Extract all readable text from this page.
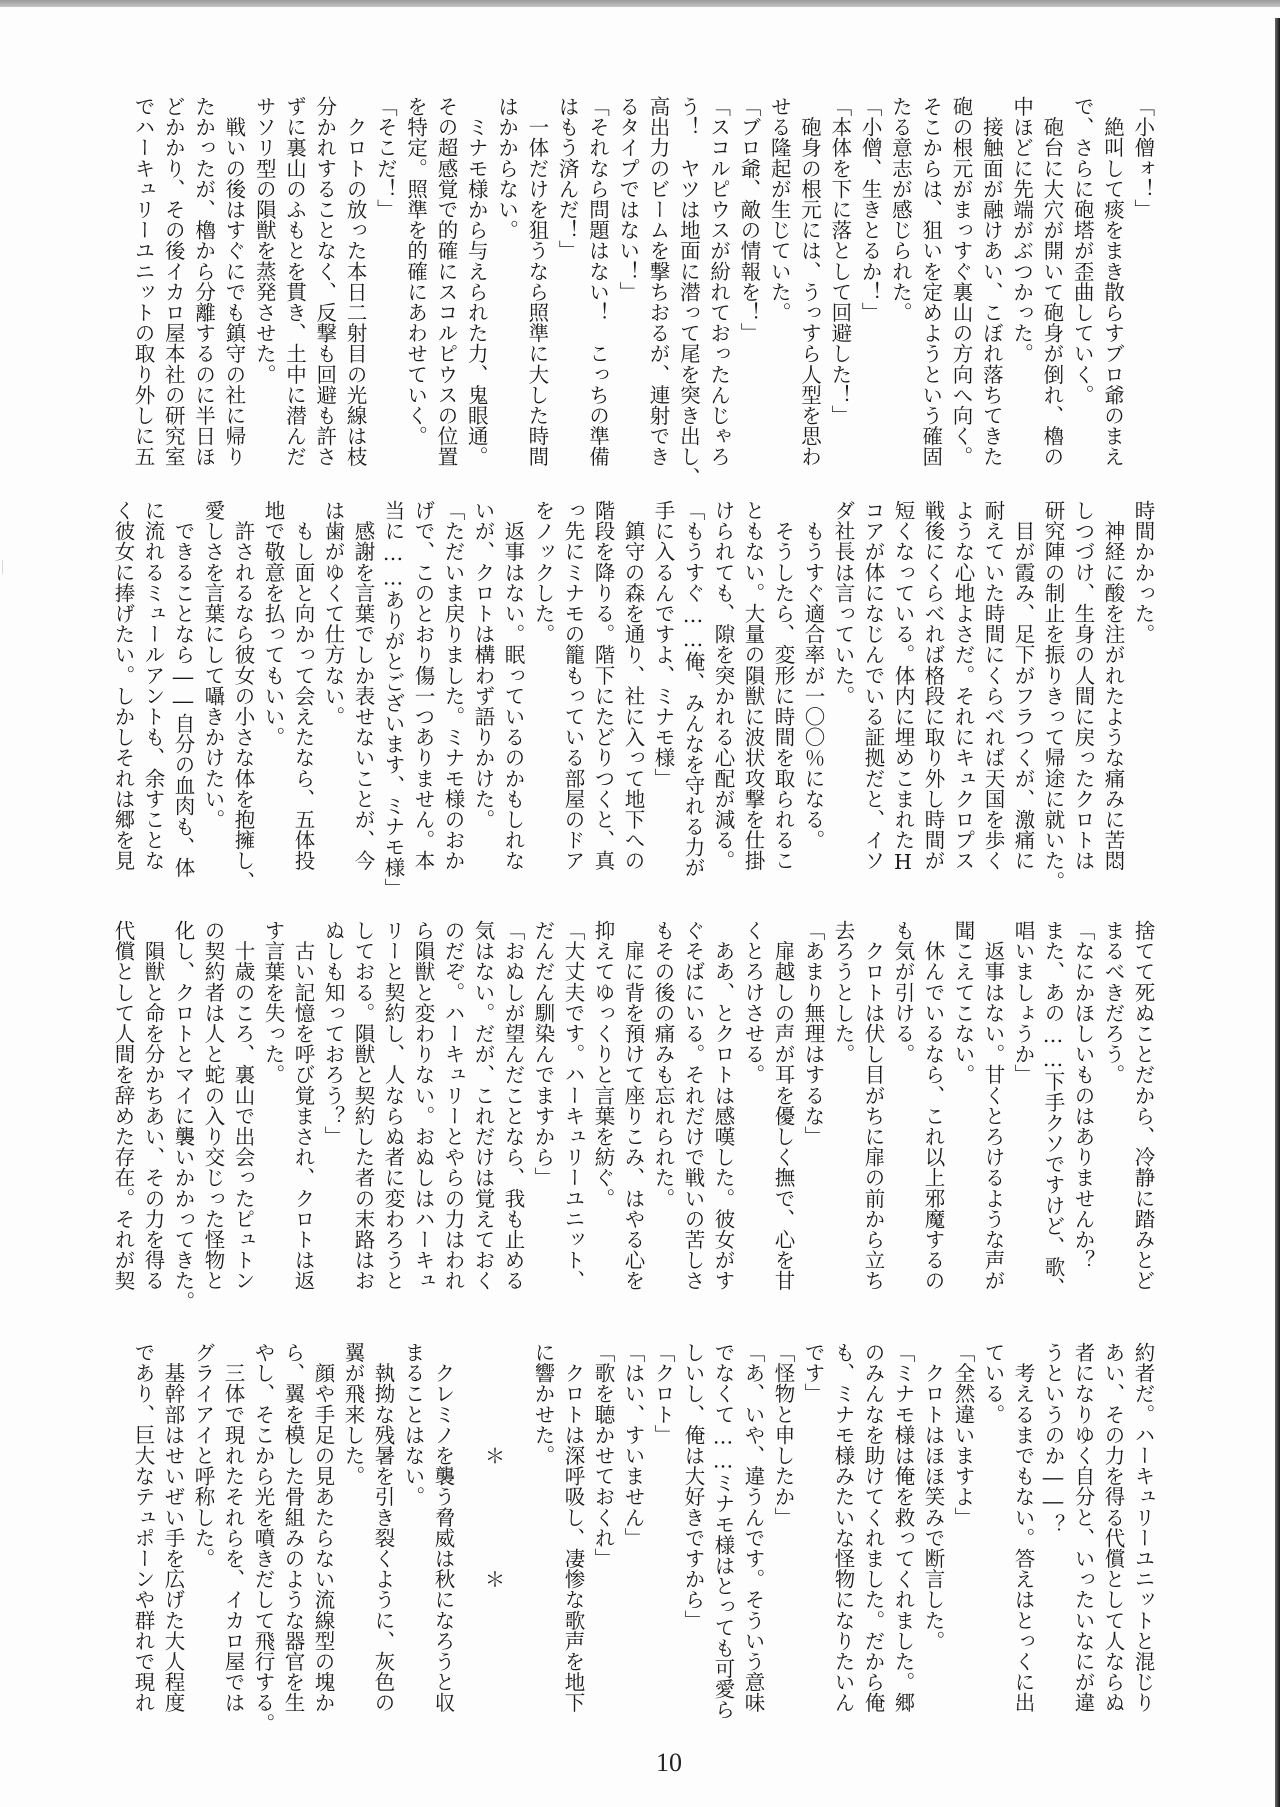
「小僧ォ！」
　絶叫して痰をまき散らすブロ爺のまえ
で、さらに砲塔が歪曲していく。
　砲台に大穴が開いて砲身が倒れ、櫓の
中ほどに先端がぶつかった。
　接触面が融けあい、こぼれ落ちてきた
砲の根元がまっすぐ裏山の方向へ向く。
そこからは、狙いを定めようという確固
たる意志が感じられた。
「小僧、生きとるか！」
「本体を下に落として回避した！」
　砲身の根元には、うっすら人型を思わ
せる隆起が生じていた。
「ブロ爺、敵の情報を！」
「スコルピウスが紛れておったんじゃろ
う！　ヤツは地面に潜って尾を突き出し、
高出力のビームを撃ちおるが、連射でき
るタイプではない！」
「それなら問題はない！　こっちの準備
はもう済んだ！」
　一体だけを狙うなら照準に大した時間
はかからない。
　ミナモ様から与えられた力、鬼眼通。
その超感覚で的確にスコルピウスの位置
を特定。照準を的確にあわせていく。
「そこだ！」
　クロトの放った本日二射目の光線は枝
分かれすることなく、反撃も回避も許さ
ずに裏山のふもとを貫き、土中に潜んだ
サソリ型の隕獣を蒸発させた。
　戦いの後はすぐにでも鎮守の社に帰り
たかったが、櫓から分離するのに半日ほ
どかかり、その後イカロ屋本社の研究室
でハーキュリーユニットの取り外しに五
時間かかった。
　神経に酸を注がれたような痛みに苦悶
しつづけ、生身の人間に戻ったクロトは
研究陣の制止を振りきって帰途に就いた。
　目が霞み、足下がフラつくが、激痛に
耐えていた時間にくらべれば天国を歩く
ような心地よさだ。それにキュクロプス
戦後にくらべれば格段に取り外し時間が
短くなっている。体内に埋めこまれたH
コアが体になじんでいる証拠だと、イソ
ダ社長は言っていた。
　もうすぐ適合率が一〇〇％になる。
　そうしたら、変形に時間を取られるこ
ともない。大量の隕獣に波状攻撃を仕掛
けられても、隙を突かれる心配が減る。
「もうすぐ……俺、みんなを守れる力が
手に入るんですよ、ミナモ様」
　鎮守の森を通り、社に入って地下への
階段を降りる。階下にたどりつくと、真
っ先にミナモの籠もっている部屋のドア
をノックした。
　返事はない。眠っているのかもしれな
いが、クロトは構わず語りかけた。
「ただいま戻りました。ミナモ様のおか
げで、このとおり傷一つありません。本
当に……ありがとございます、ミナモ様」
　感謝を言葉でしか表せないことが、今
は歯がゆくて仕方ない。
　もし面と向かって会えたなら、五体投
地で敬意を払ってもいい。
　許されるなら彼女の小さな体を抱擁し、
愛しさを言葉にして囁きかけたい。
　できることなら――自分の血肉も、体
に流れるミュールアントも、余すことな
く彼女に捧げたい。しかしそれは郷を見
捨てて死ぬことだから、冷静に踏みとど
まるべきだろう。
「なにかほしいものはありませんか？
また、あの……下手クソですけど、歌、
唱いましょうか」
　返事はない。甘くとろけるような声が
聞こえてこない。
　休んでいるなら、これ以上邪魔するの
も気が引ける。
　クロトは伏し目がちに扉の前から立ち
去ろうとした。
「あまり無理はするな」
　扉越しの声が耳を優しく撫で、心を甘
くとろけさせる。
　ああ、とクロトは感嘆した。彼女がす
ぐそばにいる。それだけで戦いの苦しさ
もその後の痛みも忘れられた。
　扉に背を預けて座りこみ、はやる心を
抑えてゆっくりと言葉を紡ぐ。
「大丈夫です。ハーキュリーユニット、
だんだん馴染んでますから」
「おぬしが望んだことなら、我も止める
気はない。だが、これだけは覚えておく
のだぞ。ハーキュリーとやらの力はわれ
ら隕獣と変わりない。おぬしはハーキュ
リーと契約し、人ならぬ者に変わろうと
しておる。隕獣と契約した者の末路はお
ぬしも知っておろう？」
　古い記憶を呼び覚まされ、クロトは返
す言葉を失った。
　十歳のころ、裏山で出会ったピュトン
の契約者は人と蛇の入り交じった怪物と
化し、クロトとマイに襲いかかってきた。
　隕獣と命を分かちあい、その力を得る
代償として人間を辞めた存在。それが契
約者だ。ハーキュリーユニットと混じり
あい、その力を得る代償として人ならぬ
者になりゆく自分と、いったいなにが違
うというのか――？
　考えるまでもない。答えはとっくに出
ている。
「全然違いますよ」
　クロトはほほ笑みで断言した。
「ミナモ様は俺を救ってくれました。郷
のみんなを助けてくれました。だから俺
も、ミナモ様みたいな怪物になりたいん
です」
「怪物と申したか」
「あ、いや、違うんです。そういう意味
でなくて……ミナモ様はとっても可愛ら
しいし、俺は大好きですから」
「クロト」
「はい、すいません」
「歌を聴かせておくれ」
　クロトは深呼吸し、凄惨な歌声を地下
に響かせた。
　　　　　＊　　　　　＊
　クレミノを襲う脅威は秋になろうと収
まることはない。
　執拗な残暑を引き裂くように、灰色の
翼が飛来した。
　顔や手足の見あたらない流線型の塊か
ら、翼を模した骨組みのような器官を生
やし、そこから光を噴きだして飛行する。
　三体で現れたそれらを、イカロ屋では
グライアイと呼称した。
　基幹部はせいぜい手を広げた大人程度
であり、巨大なテュポーンや群れで現れ
10
